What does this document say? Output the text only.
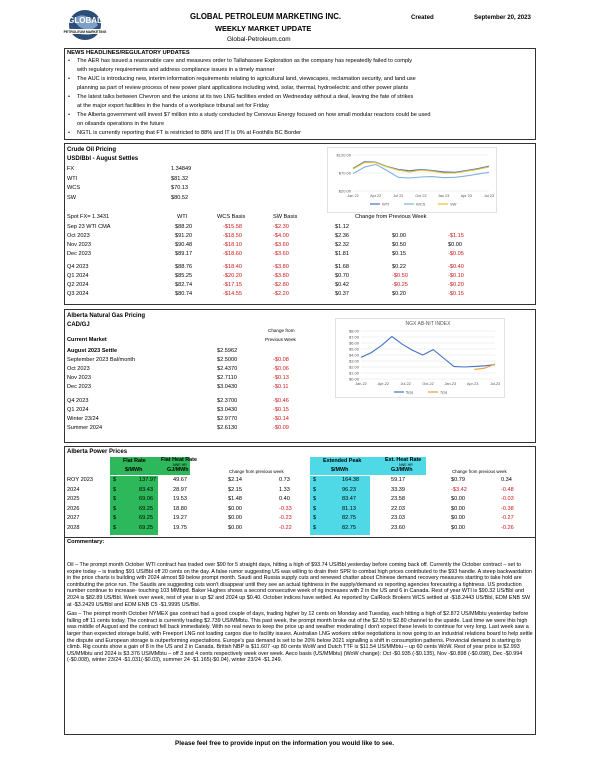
GLOBAL
PETROLEUM MARKETING
GLOBAL PETROLEUM MARKETING INC.
WEEKLY MARKET UPDATE
Global-Petroleum.com
Created	September 20, 2023
NEWS HEADLINES/REGULATORY UPDATES
•	The AER has issued a reasonable care and measures order to Tallahassee Exploration as the company has repeatedly failed to comply
with regulatory requirements and address compliance issues in a timely manner
•	The AUC is introducing new, interim information requirements relating to agricultural land, viewscapes, reclamation security, and land use
planning as part of review process of new power plant applications including wind, solar, thermal, hydroelectric and other power plants
•	The latest talks between Chevron and the unions at its two LNG facilities ended on Wednesday without a deal, leaving the fate of strikes
at the major export facilities in the hands of a workplace tribunal set for Friday
•	The Alberta government will invest $7 million into a study conducted by Cenovus Energy focused on how small modular reactors could be used
on oilsands operations in the future
•	NGTL is currently reporting that FT is restricted to 88% and IT is 0% at Foothills BC Border
Crude Oil Pricing
USD/Bbl - August Settles
Spot FX= 1.3431	WTI	WCS Basis	SW Basis	Change from Previous Week
$120.00
$70.00
$20.00
Jan 22	Apr 22	Jul 22	Oct 22	Jan 23	Apr 23	Jul 23
WTI	WCS	SW
FX	1.34849
WTI	$81.32
WCS	$70.13
SW	$80.52
Sep 23 WTI CMA	$88.20	-$15.58	-$2.30	$1.12
Oct 2023	$91.20	-$18.50	-$4.00	$2.36	$0.00	-$1.15
Nov 2023	$90.48	-$18.10	-$3.60	$2.32	$0.50	$0.00
Dec 2023	$89.17	-$18.60	-$3.60	$1.81	$0.15	-$0.05
Q4 2023	$88.76	-$18.40	-$3.80	$1.68	$0.22	-$0.40
Q1 2024	$85.25	-$20.20	-$3.80	$0.70	-$0.50	-$0.10
Q2 2024	$82.74	-$17.15	-$2.80	$0.42	-$0.25	-$0.20
Q3 2024	$80.74	-$14.55	-$2.20	$0.37	$0.20	-$0.15
Alberta Natural Gas Pricing
CAD/GJ
Change from
Previous Week
Current Market
NGX AB-NIT INDEX
$8.00
$7.00
$6.00
$5.00
$4.00
$3.00
$2.00
$1.00
$0.00
Jan-22	Apr-22	Jul-22	Oct-22	Jan-23	Apr-23	Jul-23
5(a)	7(a)
August 2023 Settle	$2.5962
September 2023 Bal/month	$2.5000	-$0.08
Oct 2023	$2.4370	-$0.06
Nov 2023	$2.7110	-$0.13
Dec 2023	$3.0430	-$0.11
Q4 2023	$2.3700	-$0.46
Q1 2024	$3.0430	-$0.15
Winter 23/24	$2.9770	-$0.14
Summer 2024	$2.6130	-$0.09
Alberta Power Prices
Flat Rate
$/MWh
Flat Heat Rate
NNE HR
GJ/MWh	Change from previous week
Extended Peak
$/MWh
Ext. Heat Rate
NNE HR
GJ/MWh	Change from previous week
ROY 2023	$	137.97	49.67	$2.14	0.73	$	164.38	59.17	$0.79	0.34
2024	$	83.43	28.97	$2.15	1.33	$	96.23	33.39	-$3.42	-0.48
2025	$	69.06	19.53	$1.48	0.40	$	83.47	23.58	$0.00	-0.03
2026	$	69.25	18.80	$0.00	-0.33	$	81.13	22.03	$0.00	-0.38
2027	$	69.25	19.27	$0.00	-0.23	$	82.75	23.03	$0.00	-0.27
2028	$	69.25	19.75	$0.00	-0.22	$	82.75	23.60	$0.00	-0.26
Commentary:

Oil – The prompt month October WTI contract has traded over $90 for 5 straight days, hitting a high of $93.74 US/Bbl yesterday before coming back off. Currently the October contract – set to expire today – is trading $91 US/Bbl off 20 cents on the day. A false rumor suggesting US was willing to drain their SPR to combat high prices contributed to the $93 handle. A steep backwardation in the price charts is building with 2024 almost $9 below prompt month. Saudi and Russia supply cuts and renewed chatter about Chinese demand recovery measures starting to take hold are contributing the price run. The Saudis are suggesting cuts won't disappear until they see an actual tightness in the supply/demand vs reporting agencies forecasting a tightness. US production number continue to increase- touching 103 MMbpd. Baker Hughes shows a second consecutive week of rig increases with 2 in the US and 6 in Canada. Rest of year WTI is $90.32 US/Bbl and 2024 is $82.89 US/Bbl. Week over week, rest of year is up $2 and 2024 up $0.40. October indices have settled. As reported by CalRock Brokers WCS settled at -$18.2443 US/Bbl, EDM ENB SW at -$3.2429 US/Bbl and EDM ENB C5 -$1.9995 US/Bbl.

Gas – The prompt month October NYMEX gas contract had a good couple of days, trading higher by 12 cents on Monday and Tuesday, each hitting a high of $2.872 US/MMbtu yesterday before falling off 11 cents today. The contract is currently trading $2.739 US/MMbtu. This past week, the prompt month broke out of the $2.50 to $2.80 channel to the upside. Last time we were this high was middle of August and the contract fell back immediately. With no real news to keep the price up and weather moderating I don't expect these levels to continue for very long. Last week saw a larger than expected storage build, with Freeport LNG not loading cargos due to facility issues. Australian LNG workers strike negotiations is now going to an industrial relations board to help settle the dispute and European storage is outperforming expectations. Europe's gas demand is set to be 20% below 2021 signalling a shift in consumption patterns. Provincial demand is starting to climb. Rig counts show a gain of 8 in the US and 2 in Canada. British NBP is $11.607 -up 80 cents WoW and Dutch TTF is $11.54 US/MMbtu – up 60 cents WoW. Rest of year price is $2.993 US/MMbtu and 2024 is $3.376 US/MMbtu – off 3 and 4 cents respectively week over week. Aeco basis (US/MMbtu) (WoW change): Oct -$0.935 (-$0.135), Nov -$0.898 (-$0.098), Dec -$0.994 (-$0.008), winter 23/24 -$1.031(-$0.03), summer 24 -$1.165(-$0.04), winter 23/24 -$1.249.

Please feel free to provide input on the information you would like to see.
